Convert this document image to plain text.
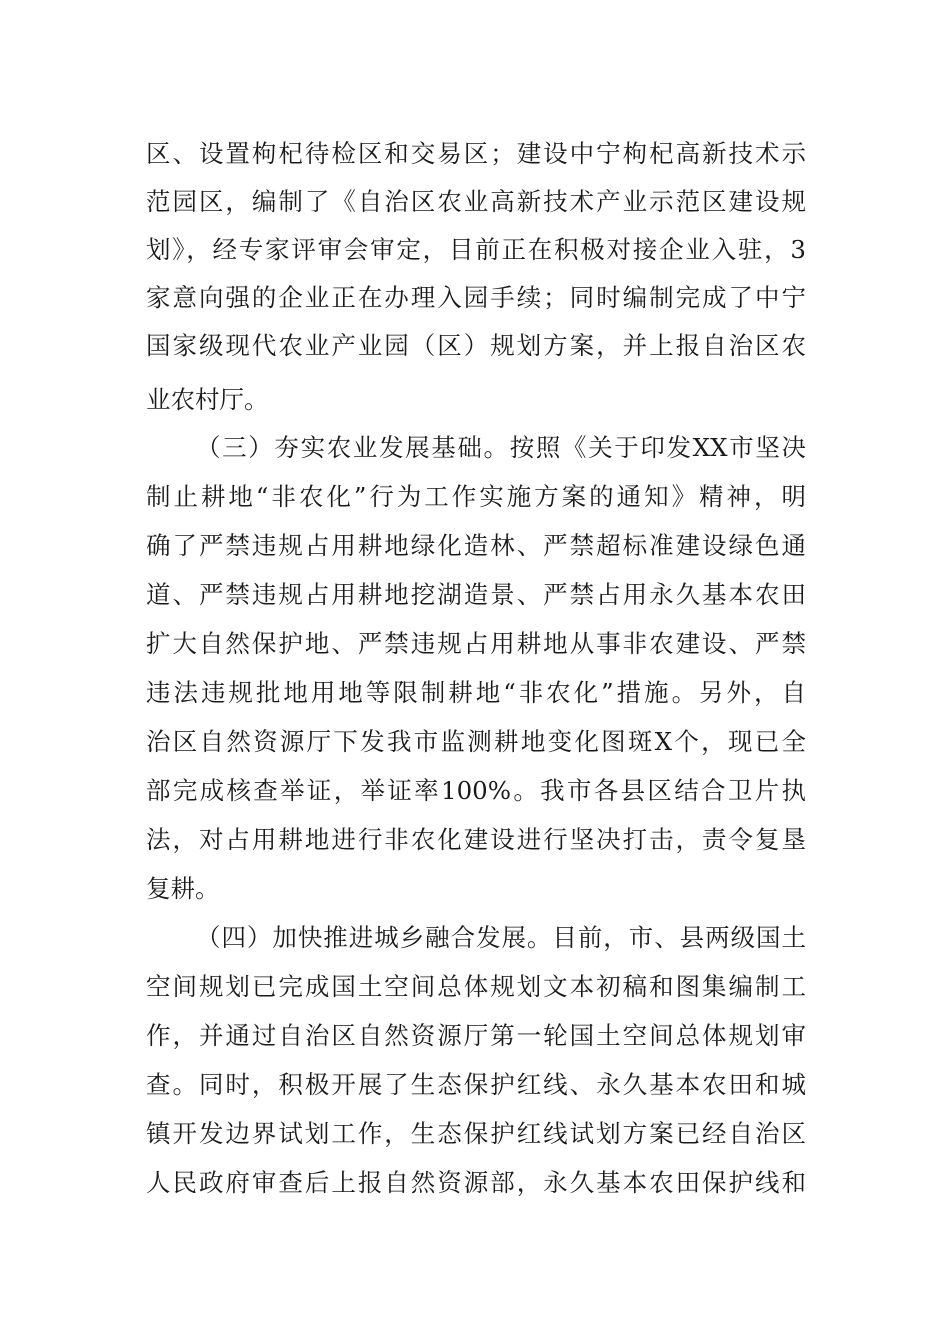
区、设置枸杞待检区和交易区；建设中宁枸杞高新技术示
范园区，编制了《自治区农业高新技术产业示范区建设规
划》，经专家评审会审定，目前正在积极对接企业入驻，3
家意向强的企业正在办理入园手续；同时编制完成了中宁
国家级现代农业产业园（区）规划方案，并上报自治区农
业农村厅。
（三）夯实农业发展基础。按照《关于印发XX市坚决
制止耕地“非农化”行为工作实施方案的通知》精神，明
确了严禁违规占用耕地绿化造林、严禁超标准建设绿色通
道、严禁违规占用耕地挖湖造景、严禁占用永久基本农田
扩大自然保护地、严禁违规占用耕地从事非农建设、严禁
违法违规批地用地等限制耕地“非农化”措施。另外，自
治区自然资源厅下发我市监测耕地变化图斑X个，现已全
部完成核查举证，举证率100%。我市各县区结合卫片执
法，对占用耕地进行非农化建设进行坚决打击，责令复垦
复耕。
（四）加快推进城乡融合发展。目前，市、县两级国土
空间规划已完成国土空间总体规划文本初稿和图集编制工
作，并通过自治区自然资源厅第一轮国土空间总体规划审
查。同时，积极开展了生态保护红线、永久基本农田和城
镇开发边界试划工作，生态保护红线试划方案已经自治区
人民政府审查后上报自然资源部，永久基本农田保护线和
